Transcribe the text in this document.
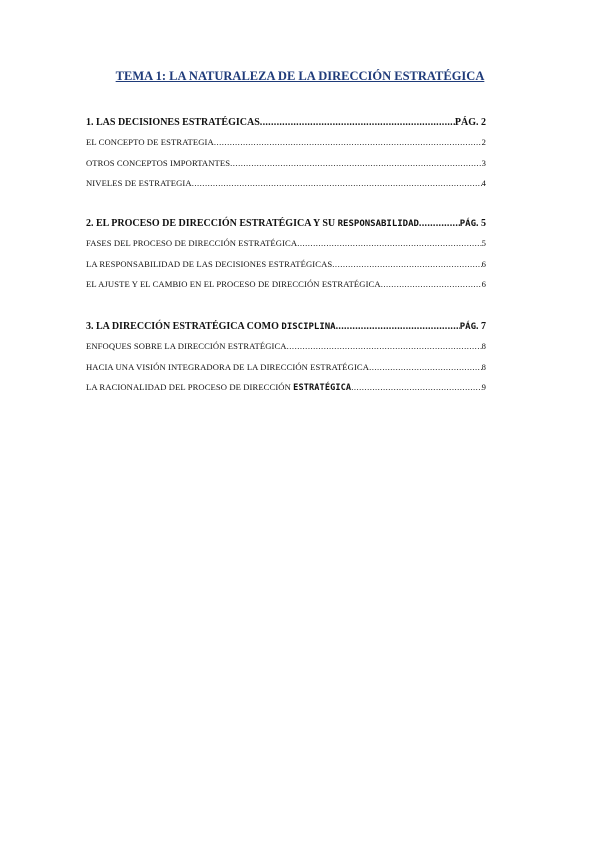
TEMA 1: LA NATURALEZA DE LA DIRECCIÓN ESTRATÉGICA
1. LAS DECISIONES ESTRATÉGICAS .....	PÁG. 2
EL CONCEPTO DE ESTRATEGIA .....	2
OTROS CONCEPTOS IMPORTANTES .....	3
NIVELES DE ESTRATEGIA .....	4
2. EL PROCESO DE DIRECCIÓN ESTRATÉGICA Y SU RESPONSABILIDAD .....	PÁG. 5
FASES DEL PROCESO DE DIRECCIÓN ESTRATÉGICA .....	5
LA RESPONSABILIDAD DE LAS DECISIONES ESTRATÉGICAS .....	6
EL AJUSTE Y EL CAMBIO EN EL PROCESO DE DIRECCIÓN ESTRATÉGICA .....	6
3. LA DIRECCIÓN ESTRATÉGICA COMO DISCIPLINA .....	PÁG. 7
ENFOQUES SOBRE LA DIRECCIÓN ESTRATÉGICA .....	8
HACIA UNA VISIÓN INTEGRADORA DE LA DIRECCIÓN ESTRATÉGICA .....	8
LA RACIONALIDAD DEL PROCESO DE DIRECCIÓN ESTRATÉGICA .....	9
